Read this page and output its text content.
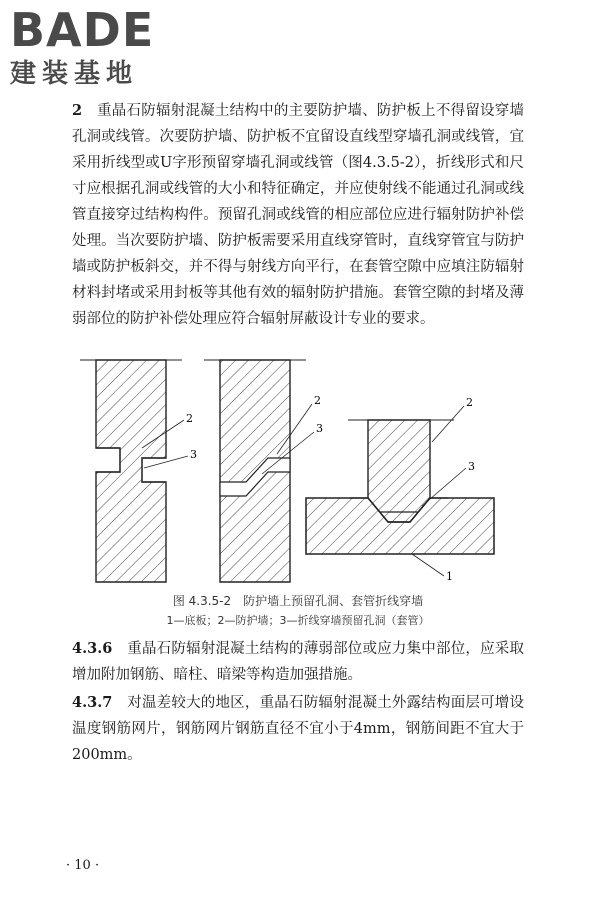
BADE
建装基地

2　 重晶石防辐射混凝土结构中的主要防护墙、防护板上不得留设穿墙孔洞或线管。次要防护墙、防护板不宜留设直线型穿墙孔洞或线管，宜采用折线型或U字形预留穿墙孔洞或线管（图4.3.5-2），折线形式和尺寸应根据孔洞或线管的大小和特征确定，并应使射线不能通过孔洞或线管直接穿过结构构件。预留孔洞或线管的相应部位应进行辐射防护补偿处理。当次要防护墙、防护板需要采用直线穿管时，直线穿管宜与防护墙或防护板斜交，并不得与射线方向平行，在套管空隙中应填注防辐射材料封堵或采用封板等其他有效的辐射防护措施。套管空隙的封堵及薄弱部位的防护补偿处理应符合辐射屏蔽设计专业的要求。

2
3
2
3
2
3
1
图 4.3.5-2　防护墙上预留孔洞、套管折线穿墙
1—底板；2—防护墙；3—折线穿墙预留孔洞（套管）

4.3.6　 重晶石防辐射混凝土结构的薄弱部位或应力集中部位，应采取增加附加钢筋、暗柱、暗梁等构造加强措施。

4.3.7　 对温差较大的地区，重晶石防辐射混凝土外露结构面层可增设温度钢筋网片，钢筋网片钢筋直径不宜小于4mm，钢筋间距不宜大于200mm。

· 10 ·
